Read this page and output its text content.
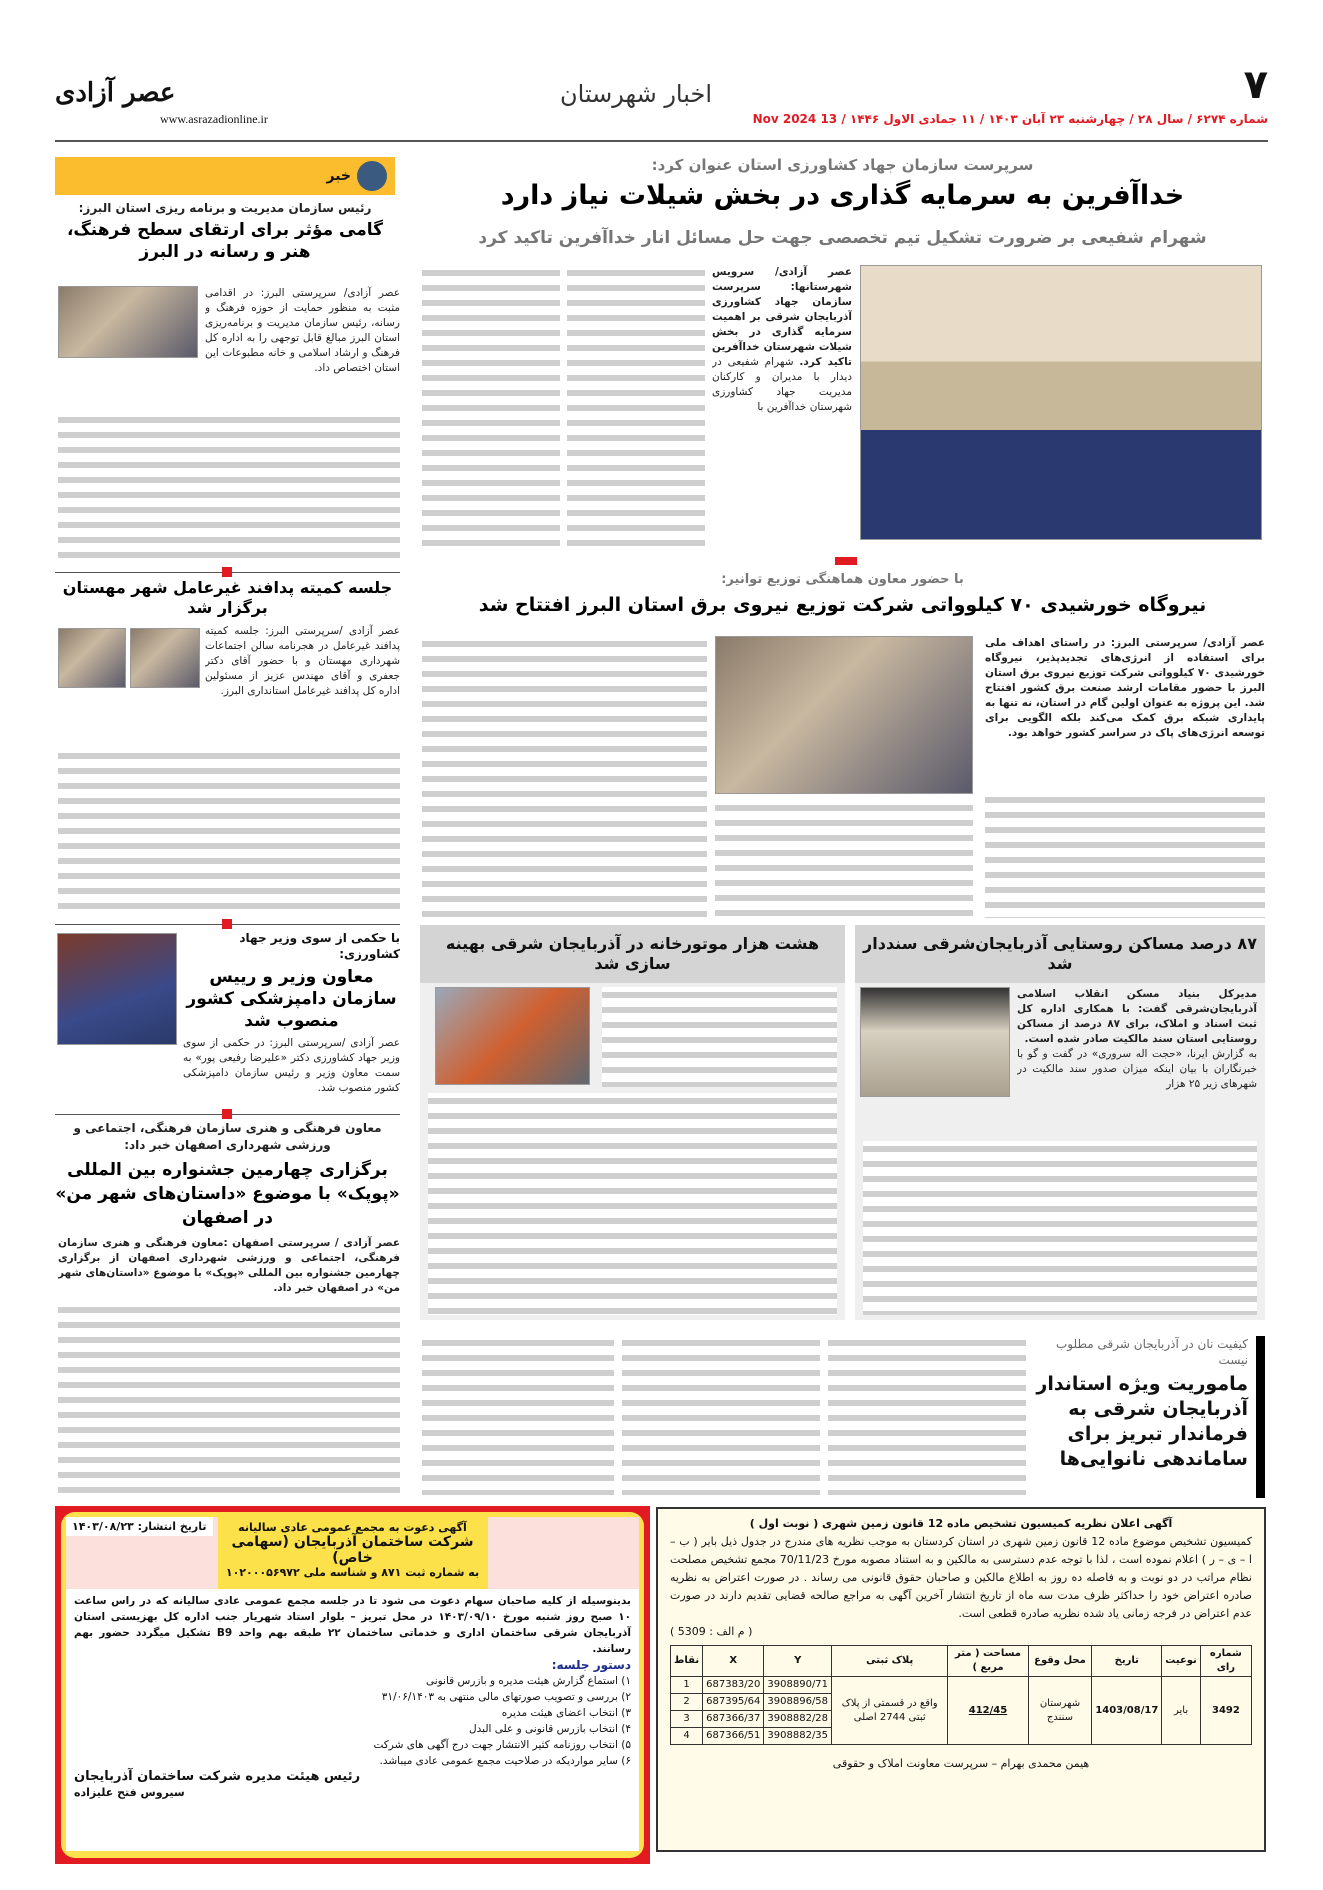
۷
شماره ۶۲۷۴ / سال ۲۸ / چهارشنبه ۲۳ آبان ۱۴۰۳ / ۱۱ جمادی الاول ۱۴۴۶ / 13 Nov 2024
اخبار شهرستان
عصر آزادی
www.asrazadionline.ir
خبر
رئیس سازمان مدیریت و برنامه ریزی استان البرز:
گامی مؤثر برای ارتقای سطح فرهنگ، هنر و رسانه در البرز
عصر آزادی/ سرپرستی البرز: در اقدامی مثبت به منظور حمایت از حوزه فرهنگ و رسانه، رئیس سازمان مدیریت و برنامه‌ریزی استان البرز مبالغ قابل توجهی را به اداره کل فرهنگ و ارشاد اسلامی و خانه مطبوعات این استان اختصاص داد.
جلسه کمیته پدافند غیرعامل شهر مهستان برگزار شد
عصر آزادی /سرپرستی البرز: جلسه کمیته پدافند غیرعامل در هجرنامه سالن اجتماعات شهرداری مهستان و با حضور آقای دکتر جعفری و آقای مهندس عزیز از مسئولین اداره کل پدافند غیرعامل استانداری البرز.
با حکمی از سوی وزیر جهاد کشاورزی:
معاون وزیر و رییس سازمان دامپزشکی کشور منصوب شد
عصر آزادی /سرپرستی البرز: در حکمی از سوی وزیر جهاد کشاورزی دکتر «علیرضا رفیعی پور» به سمت معاون وزیر و رئیس سازمان دامپزشکی کشور منصوب شد.
معاون فرهنگی و هنری سازمان فرهنگی، اجتماعی و ورزشی شهرداری اصفهان خبر داد:
برگزاری چهارمین جشنواره بین المللی «پوپک» با موضوع «داستان‌های شهر من» در اصفهان
عصر آزادی / سرپرستی اصفهان :معاون فرهنگی و هنری سازمان فرهنگی، اجتماعی و ورزشی شهرداری اصفهان از برگزاری چهارمین جشنواره بین المللی «پوپک» با موضوع «داستان‌های شهر من» در اصفهان خبر داد.
سرپرست سازمان جهاد کشاورزی استان عنوان کرد:
خداآفرین به سرمایه گذاری در بخش شیلات نیاز دارد
شهرام شفیعی بر ضرورت تشکیل تیم تخصصی جهت حل مسائل انار خداآفرین تاکید کرد
عصر آزادی/ سرویس شهرستانها: سرپرست سازمان جهاد کشاورزی آذربایجان شرقی بر اهمیت سرمایه گذاری در بخش شیلات شهرستان خداآفرین تاکید کرد. شهرام شفیعی در دیدار با مدیران و کارکنان مدیریت جهاد کشاورزی شهرستان خداآفرین با
با حضور معاون هماهنگی توزیع توانیر:
نیروگاه خورشیدی ۷۰ کیلوواتی شرکت توزیع نیروی برق استان البرز افتتاح شد
عصر آزادی/ سرپرستی البرز: در راستای اهداف ملی برای استفاده از انرژی‌های تجدیدپذیر، نیروگاه خورشیدی ۷۰ کیلوواتی شرکت توزیع نیروی برق استان البرز با حضور مقامات ارشد صنعت برق کشور افتتاح شد. این پروژه به عنوان اولین گام در استان، نه تنها به پایداری شبکه برق کمک می‌کند بلکه الگویی برای توسعه انرژی‌های پاک در سراسر کشور خواهد بود.
۸۷ درصد مساکن روستایی آذربایجان‌شرقی سنددار شد
مدیرکل بنیاد مسکن انقلاب اسلامی آذربایجان‌شرقی گفت: با همکاری اداره کل ثبت اسناد و املاک، برای ۸۷ درصد از مساکن روستایی استان سند مالکیت صادر شده است.
به گزارش ایرنا، «حجت اله سروری» در گفت و گو با خبرنگاران با بیان اینکه میزان صدور سند مالکیت در شهرهای زیر ۲۵ هزار
هشت هزار موتورخانه در آذربایجان شرقی بهینه سازی شد
کیفیت نان در آذربایجان شرقی مطلوب نیست
ماموریت ویژه استاندار آذربایجان شرقی به فرماندار تبریز برای ساماندهی نانوایی‌ها
تاریخ انتشار: ۱۴۰۳/۰۸/۲۳	آگهی دعوت به مجمع عمومی عادی سالیانه
شرکت ساختمان آذربایجان (سهامی خاص)
به شماره ثبت ۸۷۱ و شناسه ملی ۱۰۲۰۰۰۵۶۹۷۲
بدینوسیله از کلیه صاحبان سهام دعوت می شود تا در جلسه مجمع عمومی عادی سالیانه که در راس ساعت ۱۰ صبح روز شنبه مورخ ۱۴۰۳/۰۹/۱۰ در محل تبریز – بلوار استاد شهریار جنب اداره کل بهزیستی استان آذربایجان شرقی ساختمان اداری و خدماتی ساختمان ۲۲ طبقه بهم واحد B9 تشکیل میگردد حضور بهم رسانند.
دستور جلسه:
۱) استماع گزارش هیئت مدیره و بازرس قانونی
۲) بررسی و تصویب صورتهای مالی منتهی به ۳۱/۰۶/۱۴۰۳
۳) انتخاب اعضای هیئت مدیره
۴) انتخاب بازرس قانونی و علی البدل
۵) انتخاب روزنامه کثیر الانتشار جهت درج آگهی های شرکت
۶) سایر مواردیکه در صلاحیت مجمع عمومی عادی میباشد.
رئیس هیئت مدیره شرکت ساختمان آذربایجان
سیروس فتح علیزاده
آگهی اعلان نظریه کمیسیون تشخیص ماده 12 قانون زمین شهری ( نوبت اول )
کمیسیون تشخیص موضوع ماده 12 قانون زمین شهری در استان کردستان به موجب نظریه های مندرج در جدول ذیل بایر ( ب – ا – ی – ر ) اعلام نموده است ، لذا با توجه عدم دسترسی به مالکین و به استناد مصوبه مورخ 70/11/23 مجمع تشخیص مصلحت نظام مراتب در دو نوبت و به فاصله ده روز به اطلاع مالکین و صاحبان حقوق قانونی می رساند . در صورت اعتراض به نظریه صادره اعتراض خود را حداکثر ظرف مدت سه ماه از تاریخ انتشار آخرین آگهی به مراجع صالحه قضایی تقدیم دارند در صورت عدم اعتراض در فرجه زمانی یاد شده نظریه صادره قطعی است.
( م الف : 5309 )
شماره رای	نوعیت	تاریخ	محل وقوع	مساحت ( متر مربع )	پلاک ثبتی	Y	X	نقاط
3492	بایر	1403/08/17	شهرستان سنندج	412/45	واقع در قسمتی از پلاک ثبتی 2744 اصلی	3908890/71	687383/20	1
						3908896/58	687395/64	2
						3908882/28	687366/37	3
						3908882/35	687366/51	4
هیمن محمدی بهرام – سرپرست معاونت املاک و حقوقی
